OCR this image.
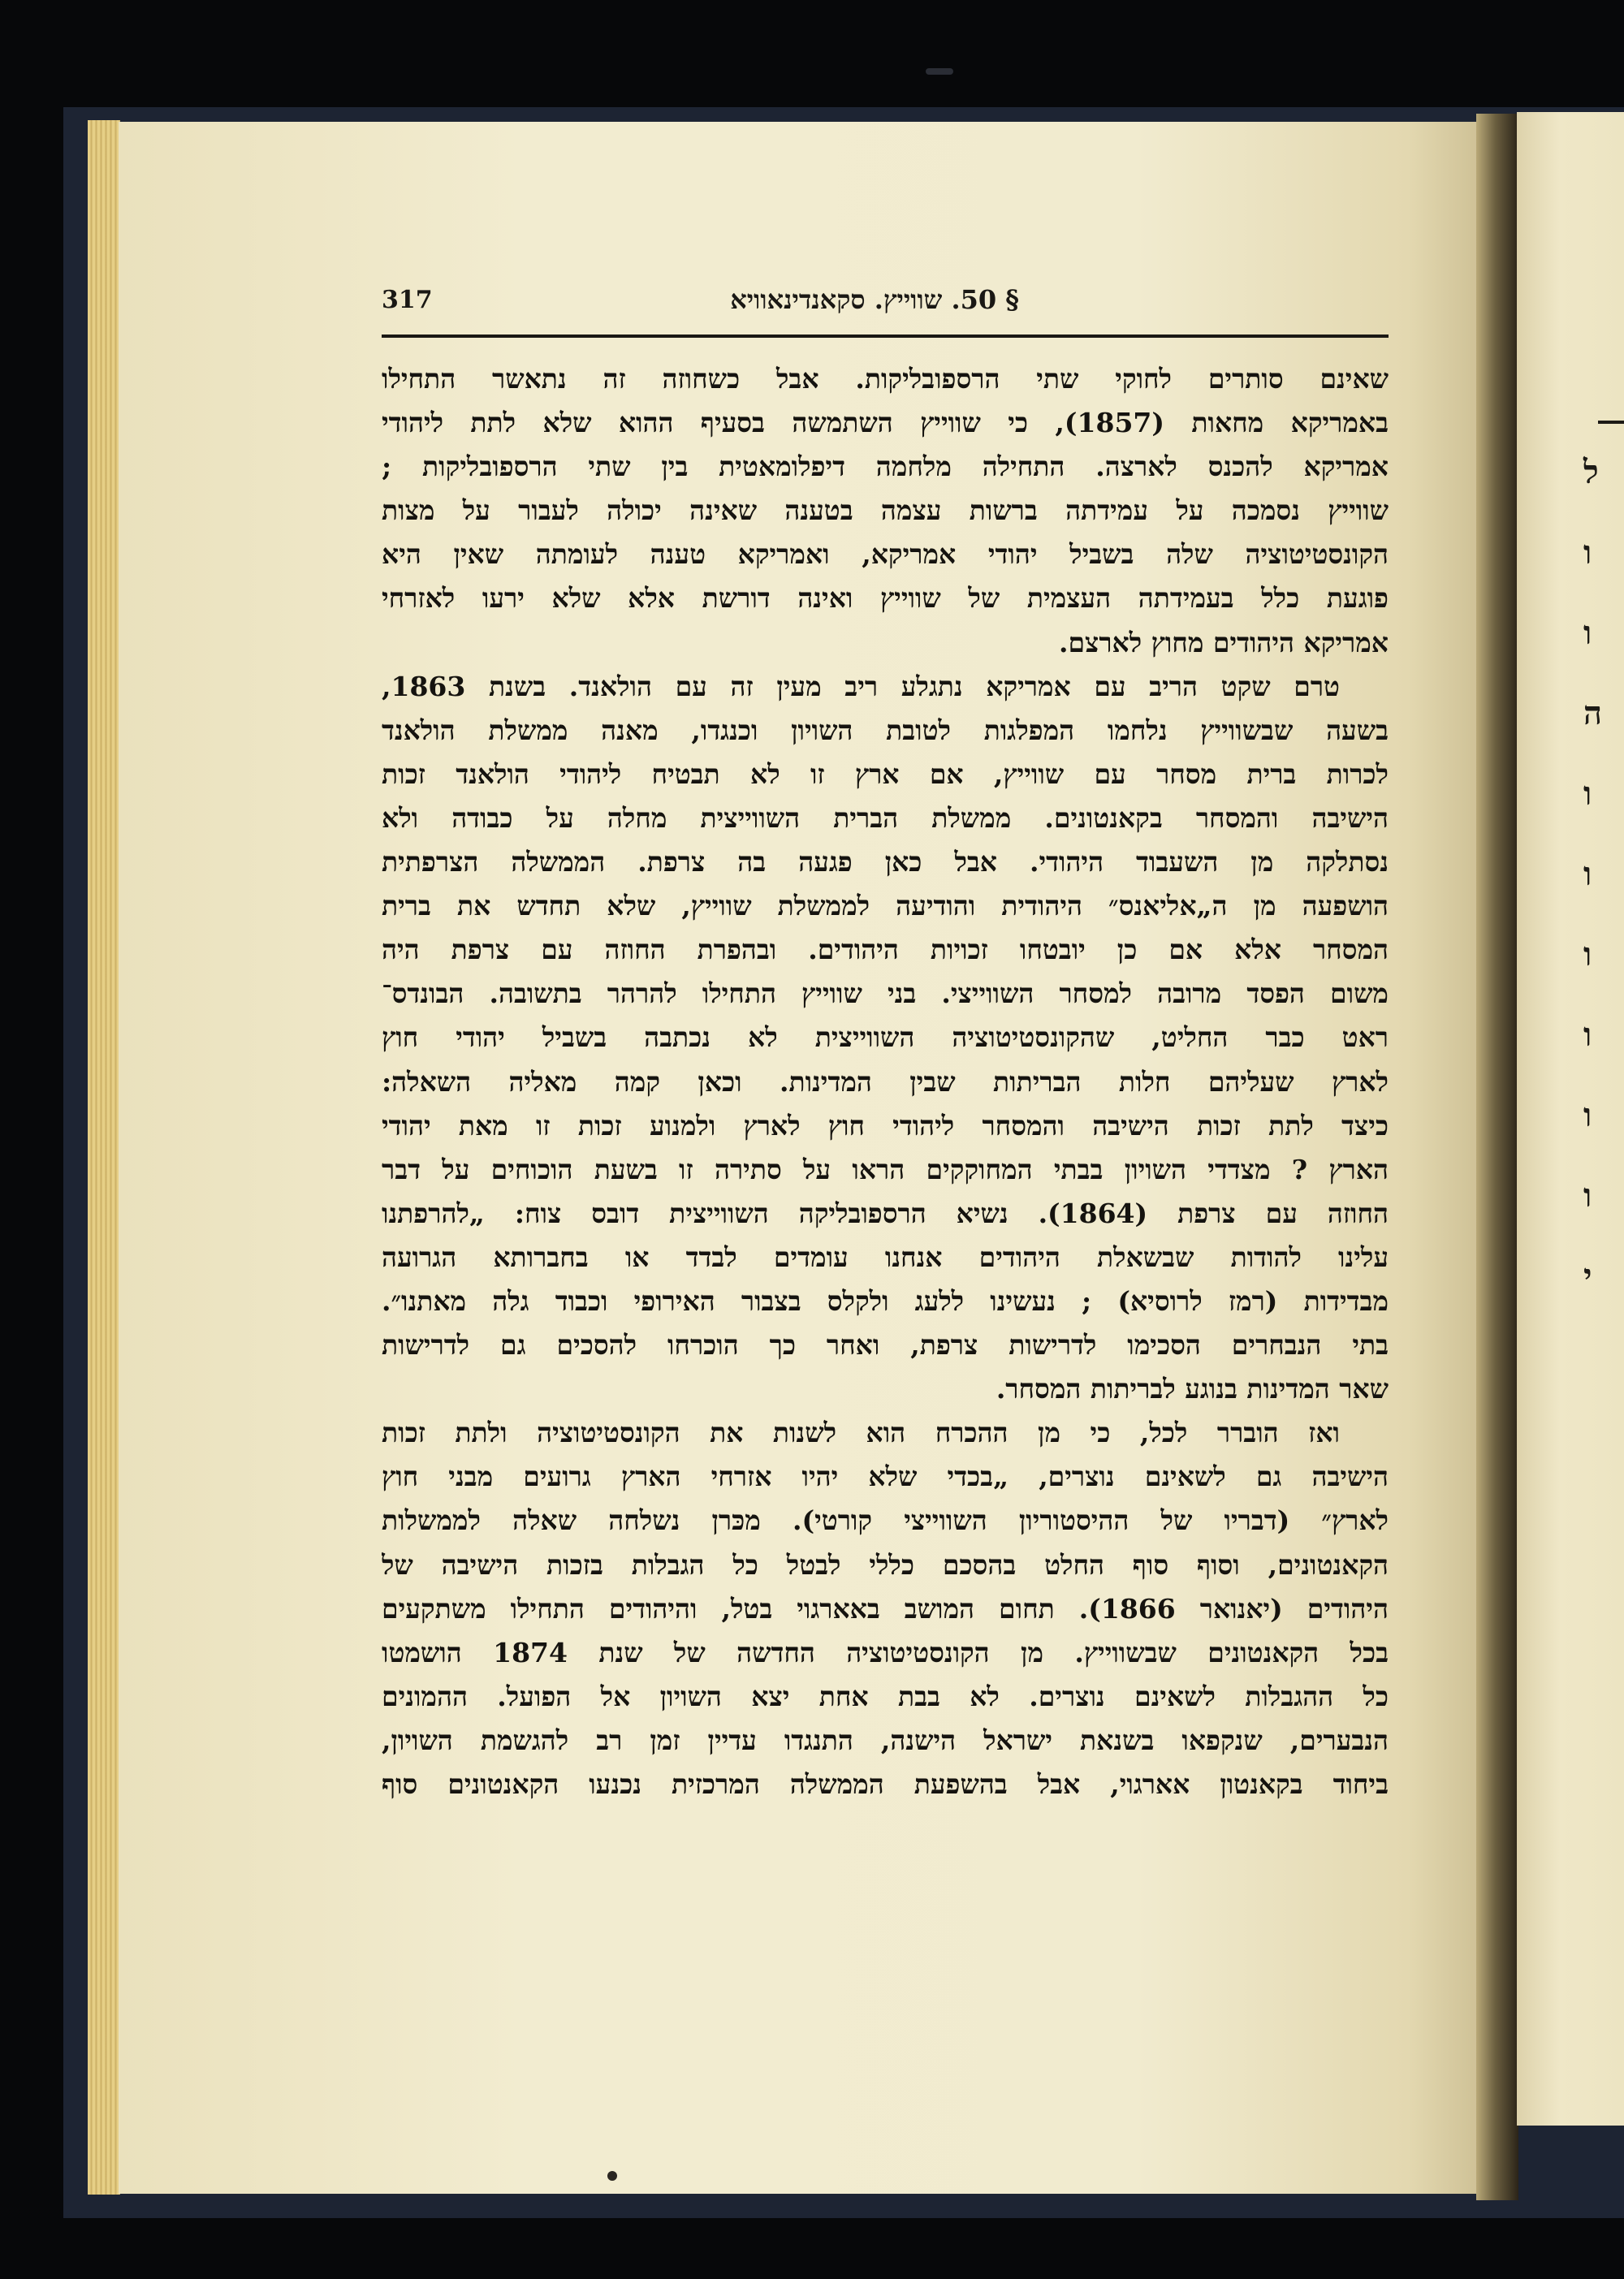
ל
ו
ו
ה
ו
ו
ו
ו
ו
ו
י
317	§ 50. שווייץ. סקאנדינאוויא
שאינם סותרים לחוקי שתי הרספובליקות. אבל כשחוזה זה נתאשר התחילו
באמריקא מחאות (1857), כי שווייץ השתמשה בסעיף ההוא שלא לתת ליהודי
אמריקא להכנס לארצה. התחילה מלחמה דיפלומאטית בין שתי הרספובליקות ;
שווייץ נסמכה על עמידתה ברשות עצמה בטענה שאינה יכולה לעבור על מצות
הקונסטיטוציה שלה בשביל יהודי אמריקא, ואמריקא טענה לעומתה שאין היא
פוגעת כלל בעמידתה העצמית של שווייץ ואינה דורשת אלא שלא ירעו לאזרחי
אמריקא היהודים מחוץ לארצם.
טרם שקט הריב עם אמריקא נתגלע ריב מעין זה עם הולאנד. בשנת 1863,
בשעה שבשווייץ נלחמו המפלגות לטובת השויון וכנגדו, מאנה ממשלת הולאנד
לכרות ברית מסחר עם שווייץ, אם ארץ זו לא תבטיח ליהודי הולאנד זכות
הישיבה והמסחר בקאנטונים. ממשלת הברית השווייצית מחלה על כבודה ולא
נסתלקה מן השעבוד היהודי. אבל כאן פגעה בה צרפת. הממשלה הצרפתית
הושפעה מן ה„אליאנס״ היהודית והודיעה לממשלת שווייץ, שלא תחדש את ברית
המסחר אלא אם כן יובטחו זכויות היהודים. ובהפרת החוזה עם צרפת היה
משום הפסד מרובה למסחר השווייצי. בני שווייץ התחילו להרהר בתשובה. הבונדס־
ראט כבר החליט, שהקונסטיטוציה השווייצית לא נכתבה בשביל יהודי חוץ
לארץ שעליהם חלות הבריתות שבין המדינות. וכאן קמה מאליה השאלה:
כיצד לתת זכות הישיבה והמסחר ליהודי חוץ לארץ ולמנוע זכות זו מאת יהודי
הארץ ? מצדדי השויון בבתי המחוקקים הראו על סתירה זו בשעת הוכוחים על דבר
החוזה עם צרפת (1864). נשיא הרספובליקה השווייצית דובס צוח: „להרפתנו
עלינו להודות שבשאלת היהודים אנחנו עומדים לבדד או בחברותא הגרועה
מבדידות (רמז לרוסיא) ; נעשינו ללעג ולקלס בצבור האירופי וכבוד גלה מאתנו״.
בתי הנבחרים הסכימו לדרישות צרפת, ואחר כך הוכרחו להסכים גם לדרישות
שאר המדינות בנוגע לבריתות המסחר.
ואז הוברר לכל, כי מן ההכרח הוא לשנות את הקונסטיטוציה ולתת זכות
הישיבה גם לשאינם נוצרים, „בכדי שלא יהיו אזרחי הארץ גרועים מבני חוץ
לארץ״ (דבריו של ההיסטוריון השווייצי קורטי). מכּרן נשלחה שאלה לממשלות
הקאנטונים, וסוף סוף החלט בהסכם כללי לבטל כל הגבלות בזכות הישיבה של
היהודים (יאנואר 1866). תחום המושב באארגוי בטל, והיהודים התחילו משתקעים
בכל הקאנטונים שבשווייץ. מן הקונסטיטוציה החדשה של שנת 1874 הושמטו
כל ההגבלות לשאינם נוצרים. לא בבת אחת יצא השויון אל הפועל. ההמונים
הנבערים, שנקפאו בשנאת ישראל הישנה, התנגדו עדיין זמן רב להגשמת השויון,
ביחוד בקאנטון אארגוי, אבל בהשפעת הממשלה המרכזית נכנעו הקאנטונים סוף
